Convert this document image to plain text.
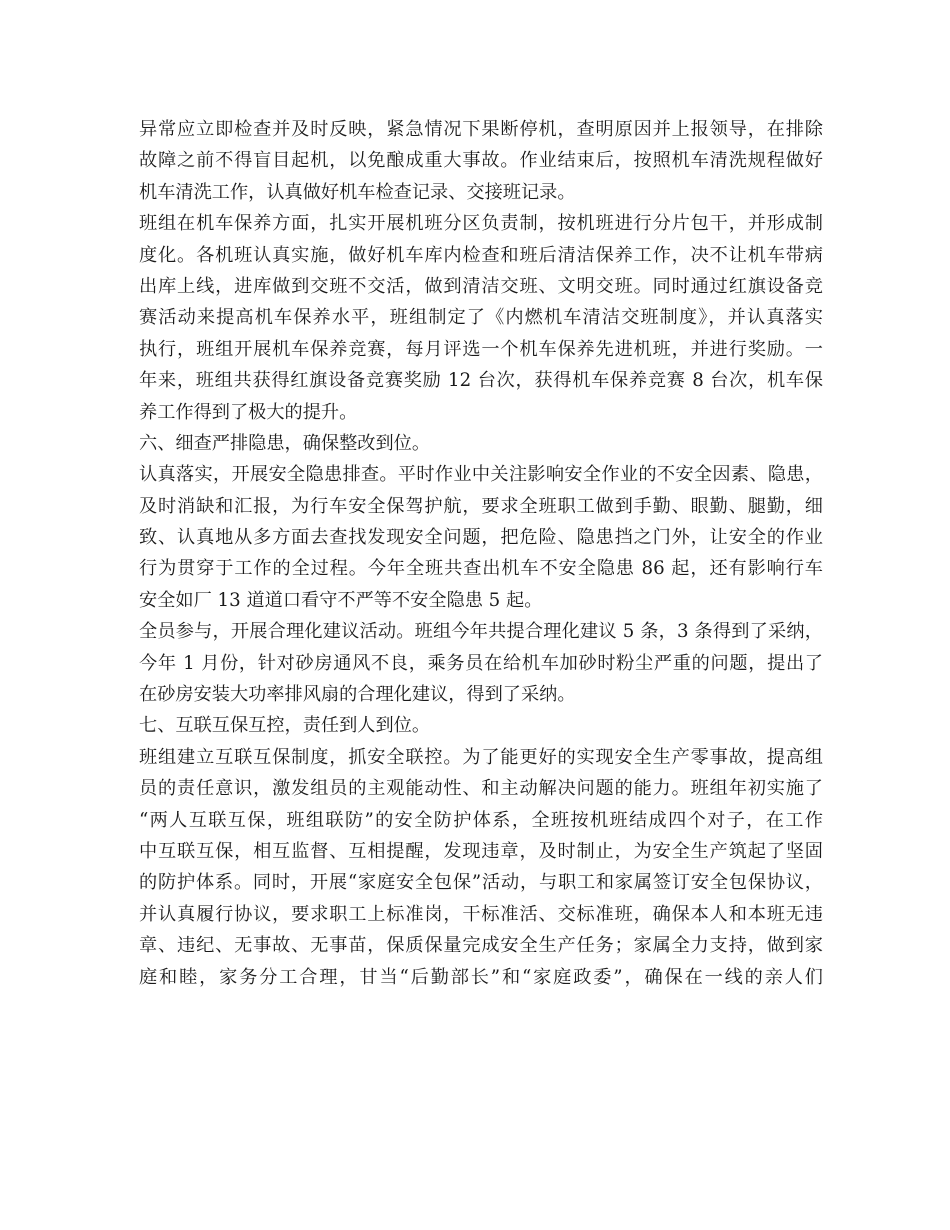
异常应立即检查并及时反映，紧急情况下果断停机，查明原因并上报领导，在排除
故障之前不得盲目起机，以免酿成重大事故。作业结束后，按照机车清洗规程做好
机车清洗工作，认真做好机车检查记录、交接班记录。
班组在机车保养方面，扎实开展机班分区负责制，按机班进行分片包干，并形成制
度化。各机班认真实施，做好机车库内检查和班后清洁保养工作，决不让机车带病
出库上线，进库做到交班不交活，做到清洁交班、文明交班。同时通过红旗设备竞
赛活动来提高机车保养水平，班组制定了《内燃机车清洁交班制度》，并认真落实
执行，班组开展机车保养竞赛，每月评选一个机车保养先进机班，并进行奖励。一
年来，班组共获得红旗设备竞赛奖励 12 台次，获得机车保养竞赛 8 台次，机车保
养工作得到了极大的提升。
六、细查严排隐患，确保整改到位。
认真落实，开展安全隐患排查。平时作业中关注影响安全作业的不安全因素、隐患，
及时消缺和汇报，为行车安全保驾护航，要求全班职工做到手勤、眼勤、腿勤，细
致、认真地从多方面去查找发现安全问题，把危险、隐患挡之门外，让安全的作业
行为贯穿于工作的全过程。今年全班共查出机车不安全隐患 86 起，还有影响行车
安全如厂 13 道道口看守不严等不安全隐患 5 起。
全员参与，开展合理化建议活动。班组今年共提合理化建议 5 条，3 条得到了采纳，
今年 1 月份，针对砂房通风不良，乘务员在给机车加砂时粉尘严重的问题，提出了
在砂房安装大功率排风扇的合理化建议，得到了采纳。
七、互联互保互控，责任到人到位。
班组建立互联互保制度，抓安全联控。为了能更好的实现安全生产零事故，提高组
员的责任意识，激发组员的主观能动性、和主动解决问题的能力。班组年初实施了
“两人互联互保，班组联防”的安全防护体系，全班按机班结成四个对子，在工作
中互联互保，相互监督、互相提醒，发现违章，及时制止，为安全生产筑起了坚固
的防护体系。同时，开展“家庭安全包保”活动，与职工和家属签订安全包保协议，
并认真履行协议，要求职工上标准岗，干标准活、交标准班，确保本人和本班无违
章、违纪、无事故、无事苗，保质保量完成安全生产任务；家属全力支持，做到家
庭和睦，家务分工合理，甘当“后勤部长”和“家庭政委”，确保在一线的亲人们
